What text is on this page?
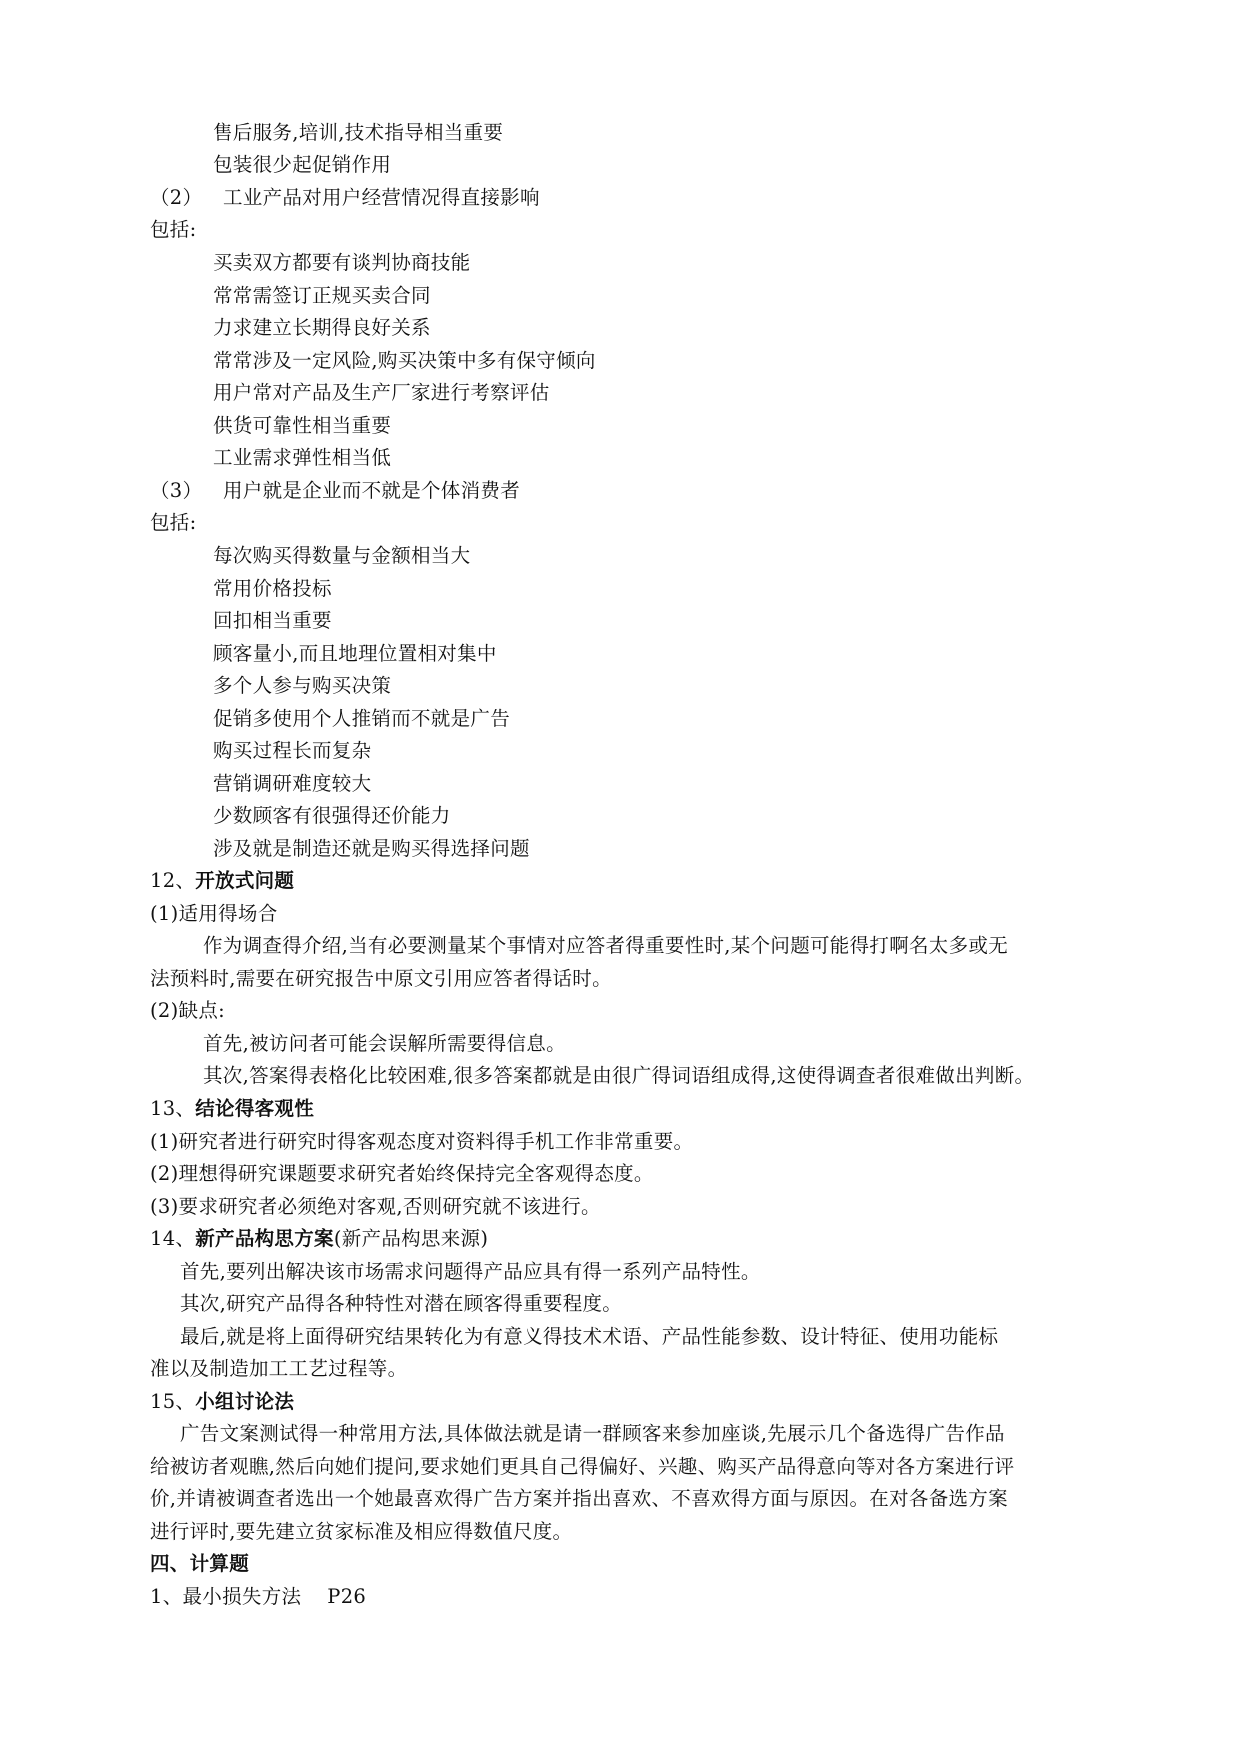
售后服务,培训,技术指导相当重要
包装很少起促销作用
（2） 工业产品对用户经营情况得直接影响
包括:
买卖双方都要有谈判协商技能
常常需签订正规买卖合同
力求建立长期得良好关系
常常涉及一定风险,购买决策中多有保守倾向
用户常对产品及生产厂家进行考察评估
供货可靠性相当重要
工业需求弹性相当低
（3） 用户就是企业而不就是个体消费者
包括:
每次购买得数量与金额相当大
常用价格投标
回扣相当重要
顾客量小,而且地理位置相对集中
多个人参与购买决策
促销多使用个人推销而不就是广告
购买过程长而复杂
营销调研难度较大
少数顾客有很强得还价能力
涉及就是制造还就是购买得选择问题
12、开放式问题
(1)适用得场合
作为调查得介绍,当有必要测量某个事情对应答者得重要性时,某个问题可能得打啊名太多或无
法预料时,需要在研究报告中原文引用应答者得话时。
(2)缺点:
首先,被访问者可能会误解所需要得信息。
其次,答案得表格化比较困难,很多答案都就是由很广得词语组成得,这使得调查者很难做出判断。
13、结论得客观性
(1)研究者进行研究时得客观态度对资料得手机工作非常重要。
(2)理想得研究课题要求研究者始终保持完全客观得态度。
(3)要求研究者必须绝对客观,否则研究就不该进行。
14、新产品构思方案(新产品构思来源)
首先,要列出解决该市场需求问题得产品应具有得一系列产品特性。
其次,研究产品得各种特性对潜在顾客得重要程度。
最后,就是将上面得研究结果转化为有意义得技术术语、产品性能参数、设计特征、使用功能标
准以及制造加工工艺过程等。
15、小组讨论法
广告文案测试得一种常用方法,具体做法就是请一群顾客来参加座谈,先展示几个备选得广告作品
给被访者观瞧,然后向她们提问,要求她们更具自己得偏好、兴趣、购买产品得意向等对各方案进行评
价,并请被调查者选出一个她最喜欢得广告方案并指出喜欢、不喜欢得方面与原因。在对各备选方案
进行评时,要先建立贫家标准及相应得数值尺度。
四、计算题
1、最小损失方法    P26
